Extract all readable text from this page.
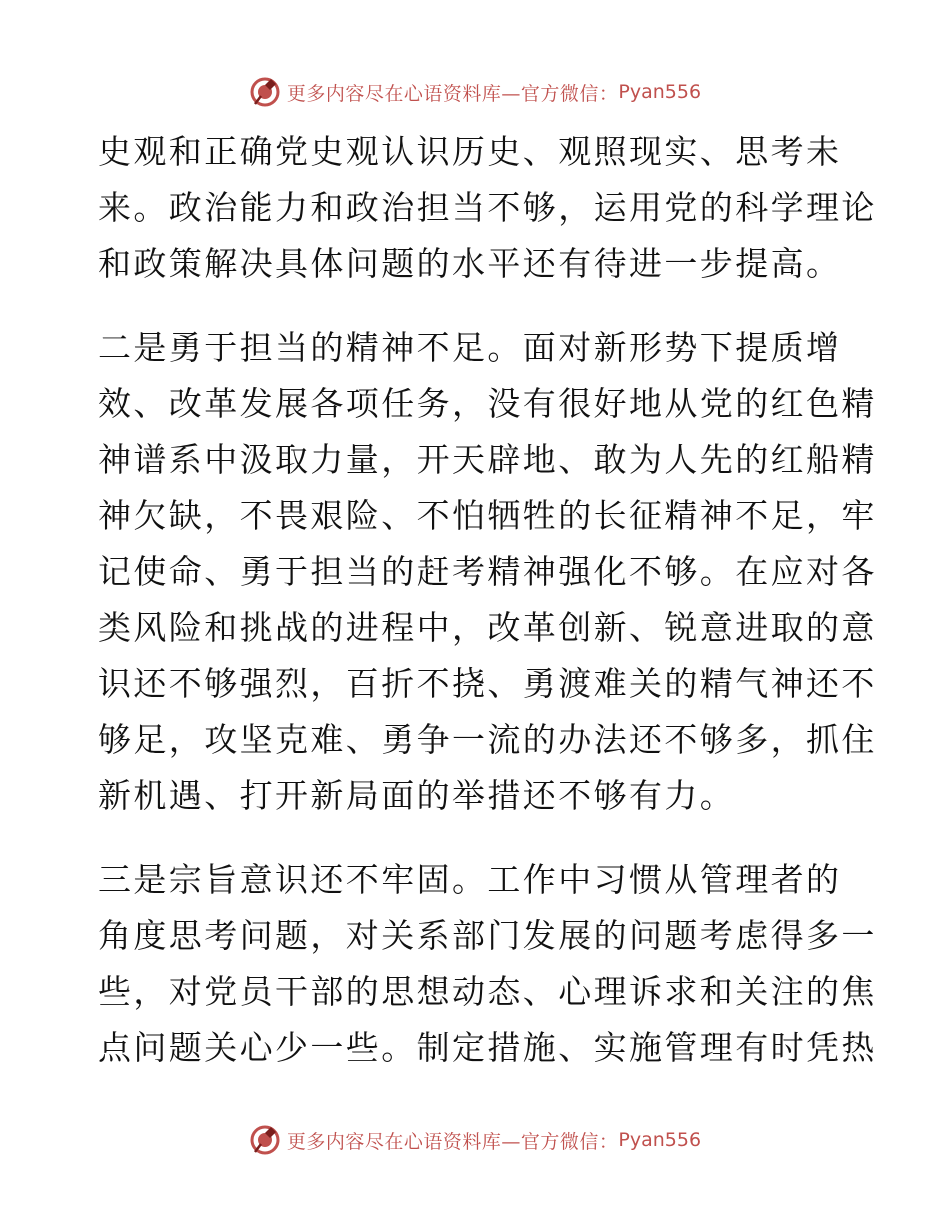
更多内容尽在心语资料库—官方微信： Pyan556
史观和正确党史观认识历史、观照现实、思考未
来。政治能力和政治担当不够，运用党的科学理论
和政策解决具体问题的水平还有待进一步提高。
二是勇于担当的精神不足。面对新形势下提质增
效、改革发展各项任务，没有很好地从党的红色精
神谱系中汲取力量，开天辟地、敢为人先的红船精
神欠缺，不畏艰险、不怕牺牲的长征精神不足，牢
记使命、勇于担当的赶考精神强化不够。在应对各
类风险和挑战的进程中，改革创新、锐意进取的意
识还不够强烈，百折不挠、勇渡难关的精气神还不
够足，攻坚克难、勇争一流的办法还不够多，抓住
新机遇、打开新局面的举措还不够有力。
三是宗旨意识还不牢固。工作中习惯从管理者的
角度思考问题，对关系部门发展的问题考虑得多一
些，对党员干部的思想动态、心理诉求和关注的焦
点问题关心少一些。制定措施、实施管理有时凭热
更多内容尽在心语资料库—官方微信： Pyan556
